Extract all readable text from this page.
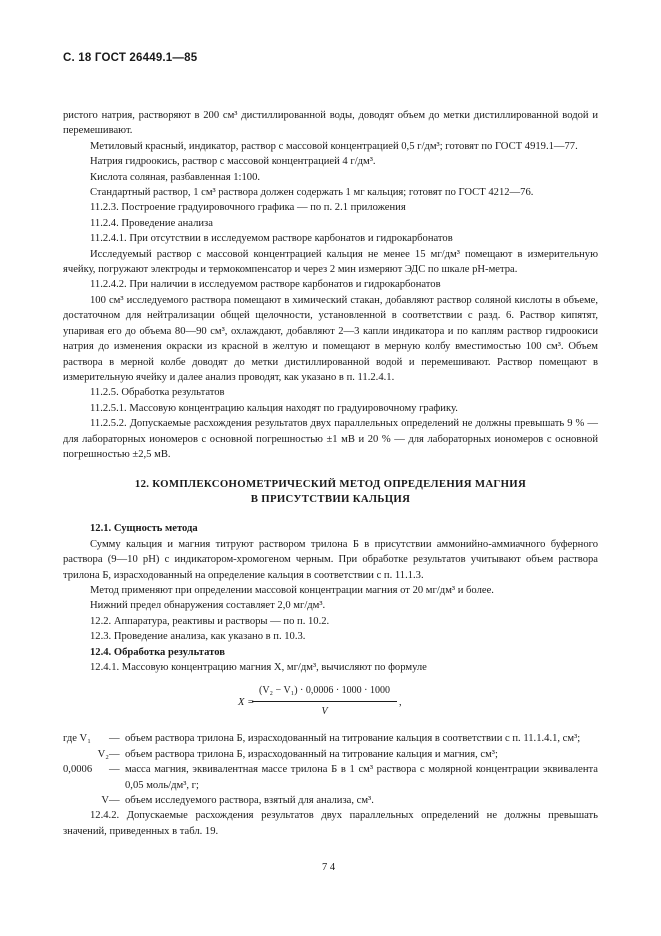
С. 18 ГОСТ 26449.1—85

ристого натрия, растворяют в 200 см³ дистиллированной воды, доводят объем до метки дистиллированной водой и перемешивают.

Метиловый красный, индикатор, раствор с массовой концентрацией 0,5 г/дм³; готовят по ГОСТ 4919.1—77.

Натрия гидроокись, раствор с массовой концентрацией 4 г/дм³.

Кислота соляная, разбавленная 1:100.

Стандартный раствор, 1 см³ раствора должен содержать 1 мг кальция; готовят по ГОСТ 4212—76.

11.2.3. Построение градуировочного графика — по п. 2.1 приложения

11.2.4. Проведение анализа

11.2.4.1. При отсутствии в исследуемом растворе карбонатов и гидрокарбонатов

Исследуемый раствор с массовой концентрацией кальция не менее 15 мг/дм³ помещают в измерительную ячейку, погружают электроды и термокомпенсатор и через 2 мин измеряют ЭДС по шкале рН-метра.

11.2.4.2. При наличии в исследуемом растворе карбонатов и гидрокарбонатов

100 см³ исследуемого раствора помещают в химический стакан, добавляют раствор соляной кислоты в объеме, достаточном для нейтрализации общей щелочности, установленной в соответствии с разд. 6. Раствор кипятят, упаривая его до объема 80—90 см³, охлаждают, добавляют 2—3 капли индикатора и по каплям раствор гидроокиси натрия до изменения окраски из красной в желтую и помещают в мерную колбу вместимостью 100 см³. Объем раствора в мерной колбе доводят до метки дистиллированной водой и перемешивают. Раствор помещают в измерительную ячейку и далее анализ проводят, как указано в п. 11.2.4.1.

11.2.5. Обработка результатов

11.2.5.1. Массовую концентрацию кальция находят по градуировочному графику.

11.2.5.2. Допускаемые расхождения результатов двух параллельных определений не должны превышать 9 % — для лабораторных иономеров с основной погрешностью ±1 мВ и 20 % — для лабораторных иономеров с основной погрешностью ±2,5 мВ.

12. КОМПЛЕКСОНОМЕТРИЧЕСКИЙ МЕТОД ОПРЕДЕЛЕНИЯ МАГНИЯ
В ПРИСУТСТВИИ КАЛЬЦИЯ

12.1. Сущность метода

Сумму кальция и магния титруют раствором трилона Б в присутствии аммонийно-аммиачного буферного раствора (9—10 рН) с индикатором-хромогеном черным. При обработке результатов учитывают объем раствора трилона Б, израсходованный на определение кальция в соответствии с п. 11.1.3.

Метод применяют при определении массовой концентрации магния от 20 мг/дм³ и более.

Нижний предел обнаружения составляет 2,0 мг/дм³.

12.2. Аппаратура, реактивы и растворы — по п. 10.2.

12.3. Проведение анализа, как указано в п. 10.3.

12.4. Обработка результатов

12.4.1. Массовую концентрацию магния X, мг/дм³, вычисляют по формуле

X =
$\frac{\text{(V₂ − V₁) · 0,0006 · 1000 · 1000}}{V}$ ,
где V₁	— объем раствора трилона Б, израсходованный на титрование кальция в соответствии с п. 11.1.4.1, см³;
V₂ — объем раствора трилона Б, израсходованный на титрование кальция и магния, см³;
0,0006	— масса магния, эквивалентная массе трилона Б в 1 см³ раствора с молярной концентрации эквивалента 0,05 моль/дм³, г;
V — объем исследуемого раствора, взятый для анализа, см³.

12.4.2. Допускаемые расхождения результатов двух параллельных определений не должны превышать значений, приведенных в табл. 19.

7 4
